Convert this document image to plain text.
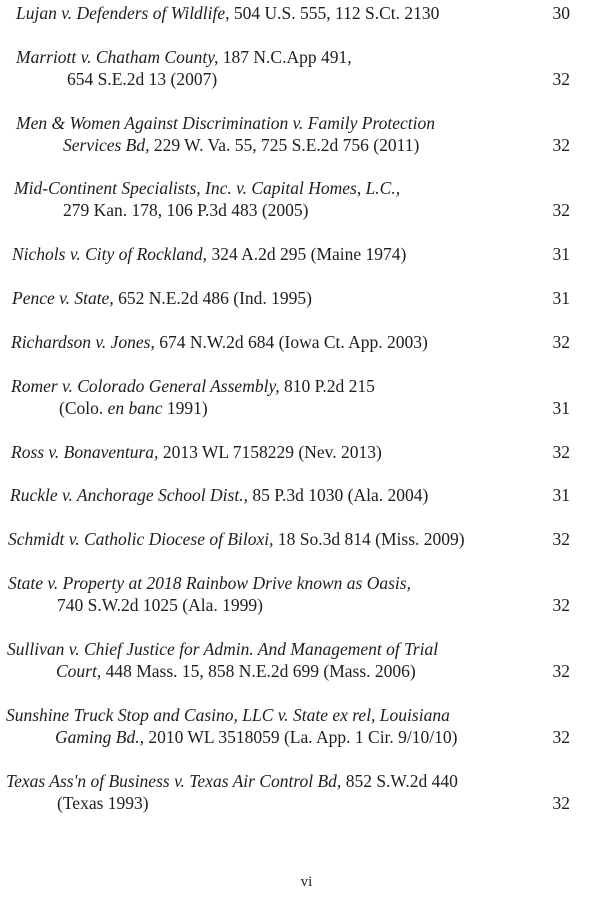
Lujan v. Defenders of Wildlife, 504 U.S. 555, 112 S.Ct. 2130	30
Marriott v. Chatham County, 187 N.C.App 491,
654 S.E.2d 13 (2007)	32
Men & Women Against Discrimination v. Family Protection
Services Bd, 229 W. Va. 55, 725 S.E.2d 756 (2011)	32
Mid-Continent Specialists, Inc. v. Capital Homes, L.C.,
279 Kan. 178, 106 P.3d 483 (2005)	32
Nichols v. City of Rockland, 324 A.2d 295 (Maine 1974)	31
Pence v. State, 652 N.E.2d 486 (Ind. 1995)	31
Richardson v. Jones, 674 N.W.2d 684 (Iowa Ct. App. 2003)	32
Romer v. Colorado General Assembly, 810 P.2d 215
(Colo. en banc 1991)	31
Ross v. Bonaventura, 2013 WL 7158229 (Nev. 2013)	32
Ruckle v. Anchorage School Dist., 85 P.3d 1030 (Ala. 2004)	31
Schmidt v. Catholic Diocese of Biloxi, 18 So.3d 814 (Miss. 2009)	32
State v. Property at 2018 Rainbow Drive known as Oasis,
740 S.W.2d 1025 (Ala. 1999)	32
Sullivan v. Chief Justice for Admin. And Management of Trial
Court, 448 Mass. 15, 858 N.E.2d 699 (Mass. 2006)	32
Sunshine Truck Stop and Casino, LLC v. State ex rel, Louisiana
Gaming Bd., 2010 WL 3518059 (La. App. 1 Cir. 9/10/10)	32
Texas Ass'n of Business v. Texas Air Control Bd, 852 S.W.2d 440
(Texas 1993)	32
vi
